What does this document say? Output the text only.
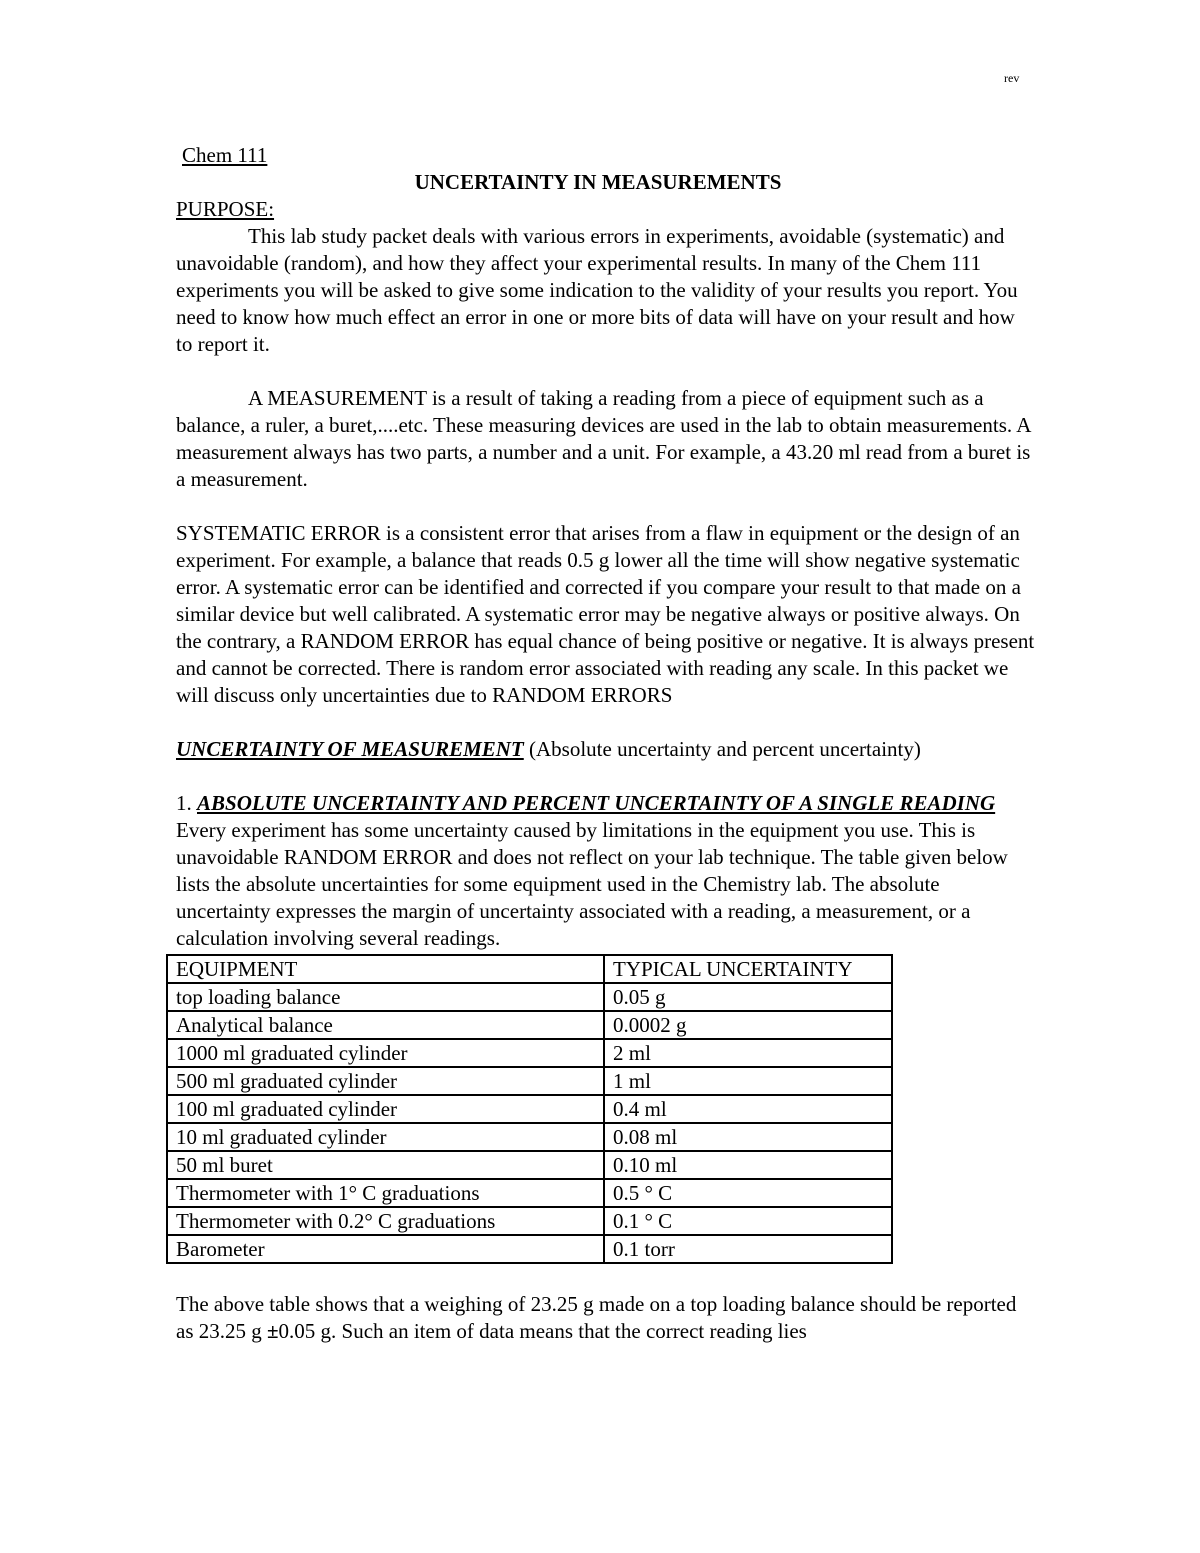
rev

Chem 111

UNCERTAINTY IN MEASUREMENTS

PURPOSE:

This lab study packet deals with various errors in experiments, avoidable (systematic) and unavoidable (random), and how they affect your experimental results. In many of the Chem 111 experiments you will be asked to give some indication to the validity of your results you report. You need to know how much effect an error in one or more bits of data will have on your result and how to report it.

A MEASUREMENT is a result of taking a reading from a piece of equipment such as a balance, a ruler, a buret,....etc. These measuring devices are used in the lab to obtain measurements. A measurement always has two parts, a number and a unit. For example, a 43.20 ml read from a buret is a measurement.

SYSTEMATIC ERROR is a consistent error that arises from a flaw in equipment or the design of an experiment. For example, a balance that reads 0.5 g lower all the time will show negative systematic error. A systematic error can be identified and corrected if you compare your result to that made on a similar device but well calibrated. A systematic error may be negative always or positive always. On the contrary, a RANDOM ERROR has equal chance of being positive or negative. It is always present and cannot be corrected. There is random error associated with reading any scale. In this packet we will discuss only uncertainties due to RANDOM ERRORS

UNCERTAINTY OF MEASUREMENT (Absolute uncertainty and percent uncertainty)

1. ABSOLUTE UNCERTAINTY AND PERCENT UNCERTAINTY OF A SINGLE READING

Every experiment has some uncertainty caused by limitations in the equipment you use. This is unavoidable RANDOM ERROR and does not reflect on your lab technique. The table given below lists the absolute uncertainties for some equipment used in the Chemistry lab. The absolute uncertainty expresses the margin of uncertainty associated with a reading, a measurement, or a calculation involving several readings.

EQUIPMENT	TYPICAL UNCERTAINTY
top loading balance	0.05 g
Analytical balance	0.0002 g
1000 ml graduated cylinder	2 ml
500 ml graduated cylinder	1 ml
100 ml graduated cylinder	0.4 ml
10 ml graduated cylinder	0.08 ml
50 ml buret	0.10 ml
Thermometer with 1° C graduations	0.5 ° C
Thermometer with 0.2° C graduations	0.1 ° C
Barometer	0.1 torr

The above table shows that a weighing of 23.25 g made on a top loading balance should be reported as 23.25 g ±0.05 g. Such an item of data means that the correct reading lies
